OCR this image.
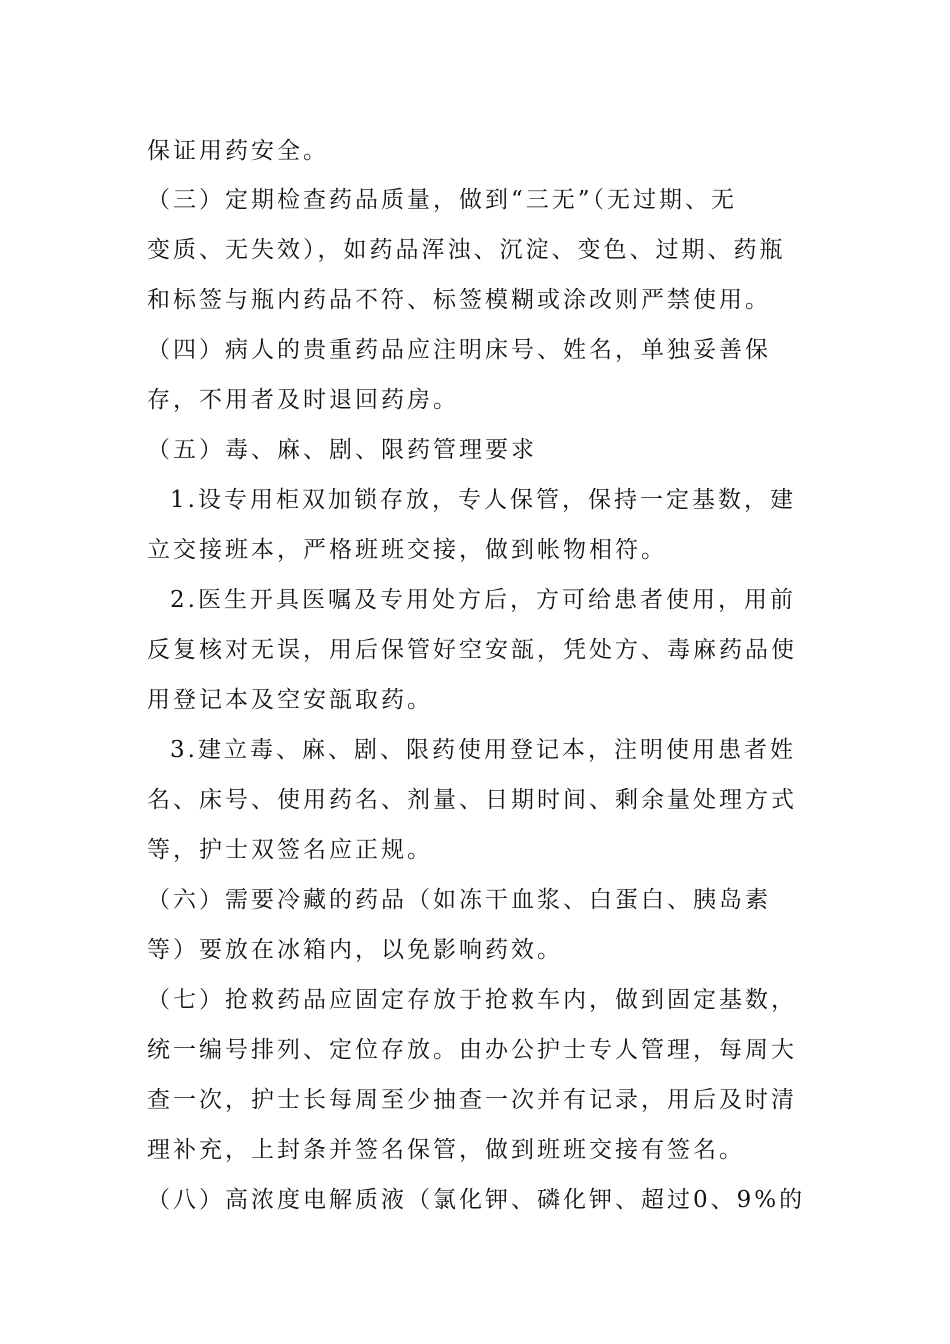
保证用药安全。
（三）定期检查药品质量，做到“三无”（无过期、无
变质、无失效），如药品浑浊、沉淀、变色、过期、药瓶
和标签与瓶内药品不符、标签模糊或涂改则严禁使用。
（四）病人的贵重药品应注明床号、姓名，单独妥善保
存，不用者及时退回药房。
（五）毒、麻、剧、限药管理要求
1.设专用柜双加锁存放，专人保管，保持一定基数，建
立交接班本，严格班班交接，做到帐物相符。
2.医生开具医嘱及专用处方后，方可给患者使用，用前
反复核对无误，用后保管好空安瓿，凭处方、毒麻药品使
用登记本及空安瓿取药。
3.建立毒、麻、剧、限药使用登记本，注明使用患者姓
名、床号、使用药名、剂量、日期时间、剩余量处理方式
等，护士双签名应正规。
（六）需要冷藏的药品（如冻干血浆、白蛋白、胰岛素
等）要放在冰箱内，以免影响药效。
（七）抢救药品应固定存放于抢救车内，做到固定基数，
统一编号排列、定位存放。由办公护士专人管理，每周大
查一次，护士长每周至少抽查一次并有记录，用后及时清
理补充，上封条并签名保管，做到班班交接有签名。
（八）高浓度电解质液（氯化钾、磷化钾、超过0、9%的
